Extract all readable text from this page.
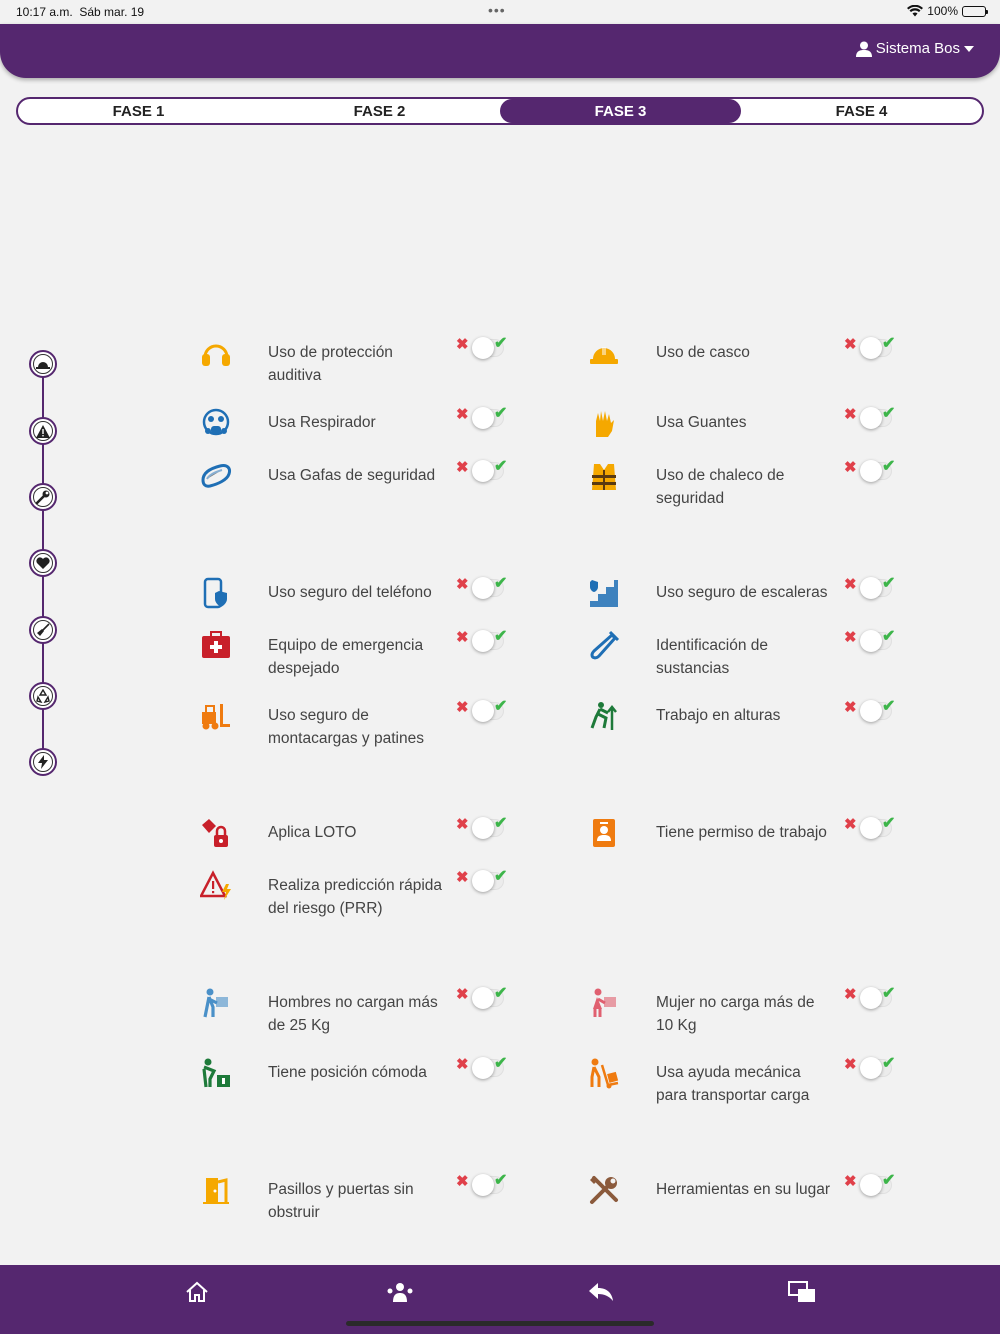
10:17 a.m. Sáb mar. 19	•••	100%
Sistema Bos
FASE 1	FASE 2	FASE 3	FASE 4
Uso de protección auditiva
✖ ✔
Uso de casco	✖ ✔
Usa Respirador	✖ ✔
Usa Guantes	✖ ✔
Usa Gafas de seguridad	✖ ✔
Uso de chaleco de seguridad
✖ ✔
Uso seguro del teléfono	✖ ✔
Uso seguro de escaleras	✖ ✔
Equipo de emergencia despejado
✖ ✔
Identificación de sustancias
✖ ✔
Uso seguro de montacargas y patines
✖ ✔
Trabajo en alturas	✖ ✔
Aplica LOTO	✖ ✔
Tiene permiso de trabajo	✖ ✔
Realiza predicción rápida del riesgo (PRR)
✖ ✔
Hombres no cargan más de 25 Kg
✖ ✔
Mujer no carga más de 10 Kg
✖ ✔
Tiene posición cómoda	✖ ✔
Usa ayuda mecánica para transportar carga
✖ ✔
Pasillos y puertas sin obstruir
✖ ✔
Herramientas en su lugar ✖ ✔
